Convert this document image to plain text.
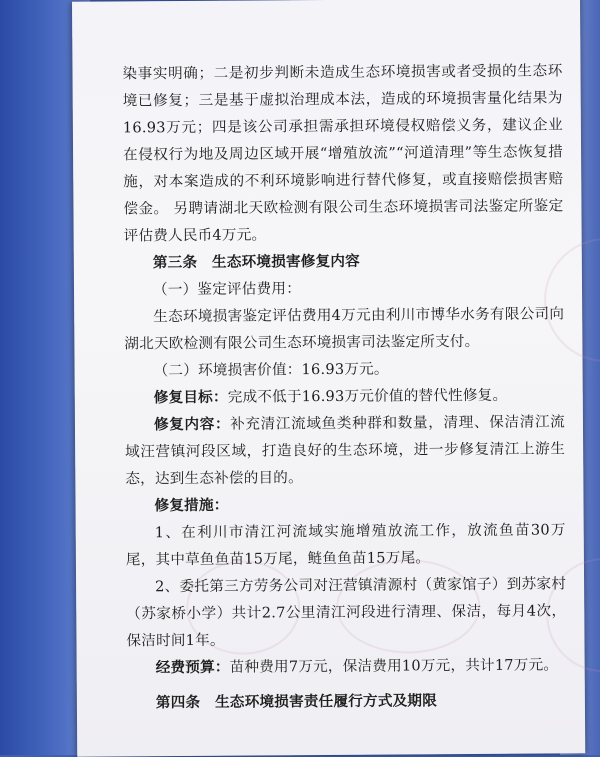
染事实明确；二是初步判断未造成生态环境损害或者受损的生态环境已修复；三是基于虚拟治理成本法，造成的环境损害量化结果为16.93万元；四是该公司承担需承担环境侵权赔偿义务，建议企业在侵权行为地及周边区域开展“增殖放流”“河道清理”等生态恢复措施，对本案造成的不利环境影响进行替代修复，或直接赔偿损害赔偿金。 另聘请湖北天欧检测有限公司生态环境损害司法鉴定所鉴定评估费人民币4万元。

第三条　生态环境损害修复内容

（一）鉴定评估费用：

生态环境损害鉴定评估费用4万元由利川市博华水务有限公司向湖北天欧检测有限公司生态环境损害司法鉴定所支付。

（二）环境损害价值：16.93万元。

修复目标：完成不低于16.93万元价值的替代性修复。

修复内容：补充清江流域鱼类种群和数量，清理、保洁清江流域汪营镇河段区域，打造良好的生态环境，进一步修复清江上游生态，达到生态补偿的目的。

修复措施：

1、在利川市清江河流域实施增殖放流工作，放流鱼苗30万尾，其中草鱼鱼苗15万尾，鲢鱼鱼苗15万尾。

2、委托第三方劳务公司对汪营镇清源村（黄家馆子）到苏家村（苏家桥小学）共计2.7公里清江河段进行清理、保洁，每月4次，保洁时间1年。

经费预算：苗种费用7万元，保洁费用10万元，共计17万元。

第四条　生态环境损害责任履行方式及期限
